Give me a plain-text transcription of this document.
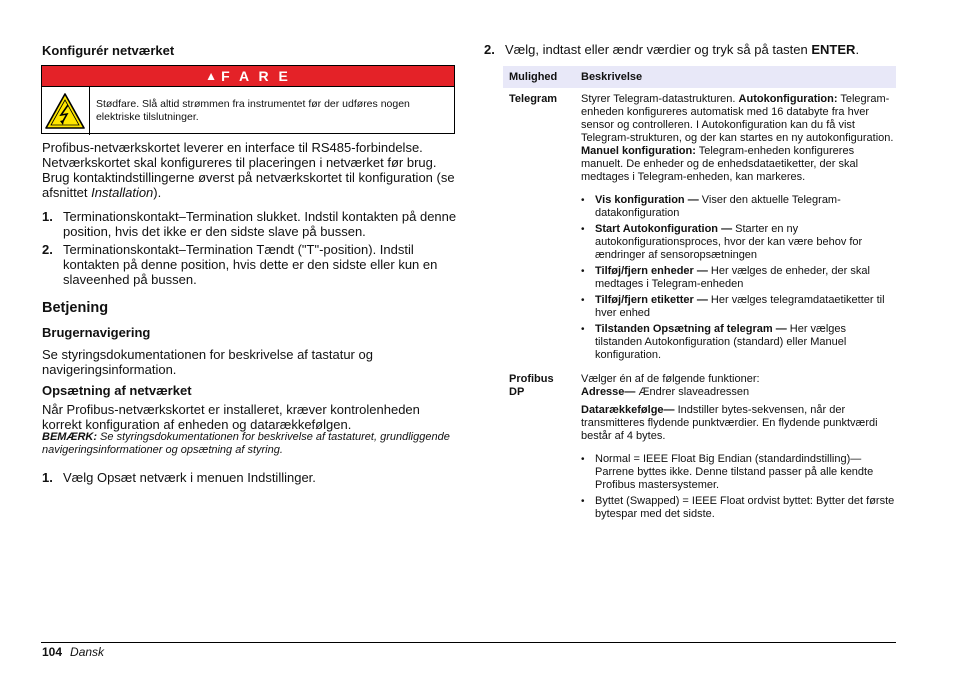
Konfigurér netværket
▲ F A R E
Stødfare. Slå altid strømmen fra instrumentet før der udføres nogen elektriske tilslutninger.
Profibus-netværkskortet leverer en interface til RS485-forbindelse.
Netværkskortet skal konfigureres til placeringen i netværket før brug. Brug kontaktindstillingerne øverst på netværkskortet til konfiguration (se afsnittet Installation).
1. Terminationskontakt–Termination slukket. Indstil kontakten på denne position, hvis det ikke er den sidste slave på bussen.
2. Terminationskontakt–Termination Tændt ("T"-position). Indstil kontakten på denne position, hvis dette er den sidste eller kun en slaveenhed på bussen.
Betjening
Brugernavigering
Se styringsdokumentationen for beskrivelse af tastatur og navigeringsinformation.
Opsætning af netværket
Når Profibus-netværkskortet er installeret, kræver kontrolenheden korrekt konfiguration af enheden og datarækkefølgen.
BEMÆRK: Se styringsdokumentationen for beskrivelse af tastaturet, grundliggende navigeringsinformationer og opsætning af styring.
1. Vælg Opsæt netværk i menuen Indstillinger.
2. Vælg, indtast eller ændr værdier og tryk så på tasten ENTER.
Mulighed Beskrivelse
Telegram Styrer Telegram-datastrukturen. Autokonfiguration: Telegram-enheden konfigureres automatisk med 16 databyte fra hver sensor og controlleren. I Autokonfiguration kan du få vist Telegram-strukturen, og der kan startes en ny autokonfiguration. Manuel konfiguration: Telegram-enheden konfigureres manuelt. De enheder og de enhedsdataetiketter, der skal medtages i Telegram-enheden, kan markeres.
• Vis konfiguration — Viser den aktuelle Telegram-datakonfiguration
• Start Autokonfiguration — Starter en ny autokonfigurationsproces, hvor der kan være behov for ændringer af sensoropsætningen
• Tilføj/fjern enheder — Her vælges de enheder, der skal medtages i Telegram-enheden
• Tilføj/fjern etiketter — Her vælges telegramdataetiketter til hver enhed
• Tilstanden Opsætning af telegram — Her vælges tilstanden Autokonfiguration (standard) eller Manuel konfiguration.
Profibus
DP
Vælger én af de følgende funktioner:
Adresse— Ændrer slaveadressen
Datarækkefølge— Indstiller bytes-sekvensen, når der transmitteres flydende punktværdier. En flydende punktværdi består af 4 bytes.
• Normal = IEEE Float Big Endian (standardindstilling)—Parrene byttes ikke. Denne tilstand passer på alle kendte Profibus mastersystemer.
• Byttet (Swapped) = IEEE Float ordvist byttet: Bytter det første bytespar med det sidste.
104 Dansk
